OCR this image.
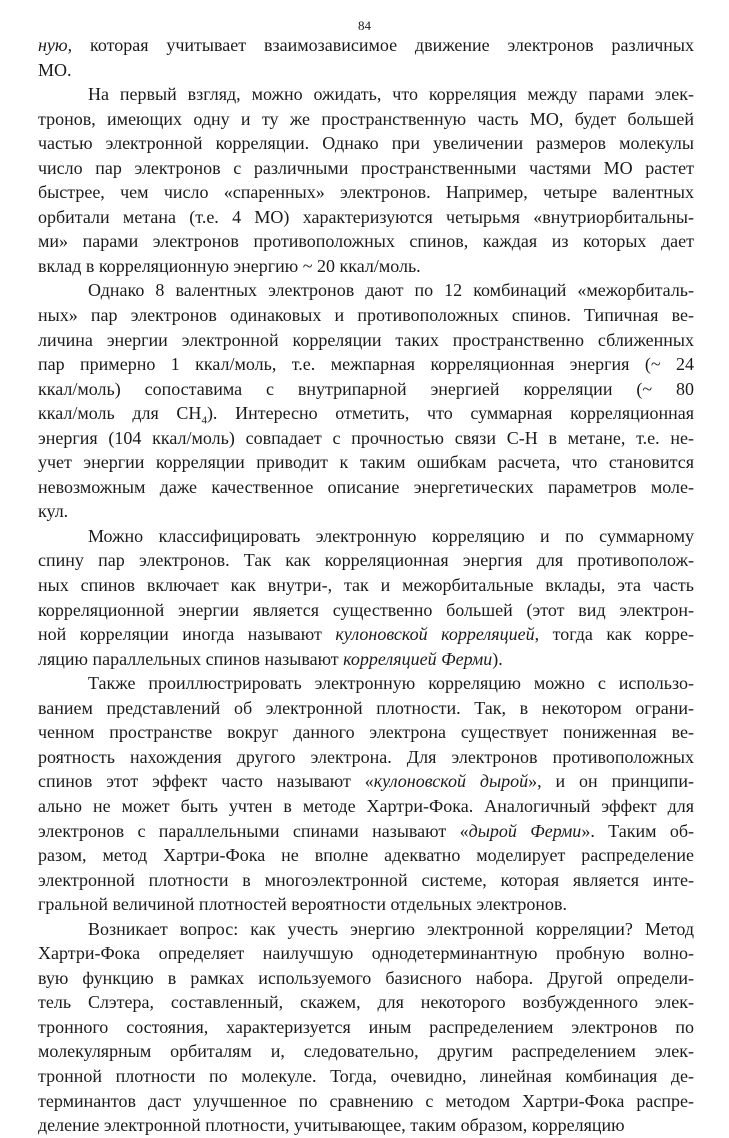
84
ную, которая учитывает взаимозависимое движение электронов различных
МО.
На первый взгляд, можно ожидать, что корреляция между парами элек-
тронов, имеющих одну и ту же пространственную часть МО, будет большей
частью электронной корреляции. Однако при увеличении размеров молекулы
число пар электронов с различными пространственными частями МО растет
быстрее, чем число «спаренных» электронов. Например, четыре валентных
орбитали метана (т.е. 4 МО) характеризуются четырьмя «внутриорбитальны-
ми» парами электронов противоположных спинов, каждая из которых дает
вклад в корреляционную энергию ~ 20 ккал/моль.
Однако 8 валентных электронов дают по 12 комбинаций «межорбиталь-
ных» пар электронов одинаковых и противоположных спинов. Типичная ве-
личина энергии электронной корреляции таких пространственно сближенных
пар примерно 1 ккал/моль, т.е. межпарная корреляционная энергия (~ 24
ккал/моль) сопоставима с внутрипарной энергией корреляции (~ 80
ккал/моль для $CH_4$). Интересно отметить, что суммарная корреляционная
энергия (104 ккал/моль) совпадает с прочностью связи С-Н в метане, т.е. не-
учет энергии корреляции приводит к таким ошибкам расчета, что становится
невозможным даже качественное описание энергетических параметров моле-
кул.
Можно классифицировать электронную корреляцию и по суммарному
спину пар электронов. Так как корреляционная энергия для противополож-
ных спинов включает как внутри-, так и межорбитальные вклады, эта часть
корреляционной энергии является существенно большей (этот вид электрон-
ной корреляции иногда называют кулоновской корреляцией, тогда как корре-
ляцию параллельных спинов называют корреляцией Ферми).
Также проиллюстрировать электронную корреляцию можно с использо-
ванием представлений об электронной плотности. Так, в некотором ограни-
ченном пространстве вокруг данного электрона существует пониженная ве-
роятность нахождения другого электрона. Для электронов противоположных
спинов этот эффект часто называют «кулоновской дырой», и он принципи-
ально не может быть учтен в методе Хартри-Фока. Аналогичный эффект для
электронов с параллельными спинами называют «дырой Ферми». Таким об-
разом, метод Хартри-Фока не вполне адекватно моделирует распределение
электронной плотности в многоэлектронной системе, которая является инте-
гральной величиной плотностей вероятности отдельных электронов.
Возникает вопрос: как учесть энергию электронной корреляции? Метод
Хартри-Фока определяет наилучшую однодетерминантную пробную волно-
вую функцию в рамках используемого базисного набора. Другой определи-
тель Слэтера, составленный, скажем, для некоторого возбужденного элек-
тронного состояния, характеризуется иным распределением электронов по
молекулярным орбиталям и, следовательно, другим распределением элек-
тронной плотности по молекуле. Тогда, очевидно, линейная комбинация де-
терминантов даст улучшенное по сравнению с методом Хартри-Фока распре-
деление электронной плотности, учитывающее, таким образом, корреляцию
